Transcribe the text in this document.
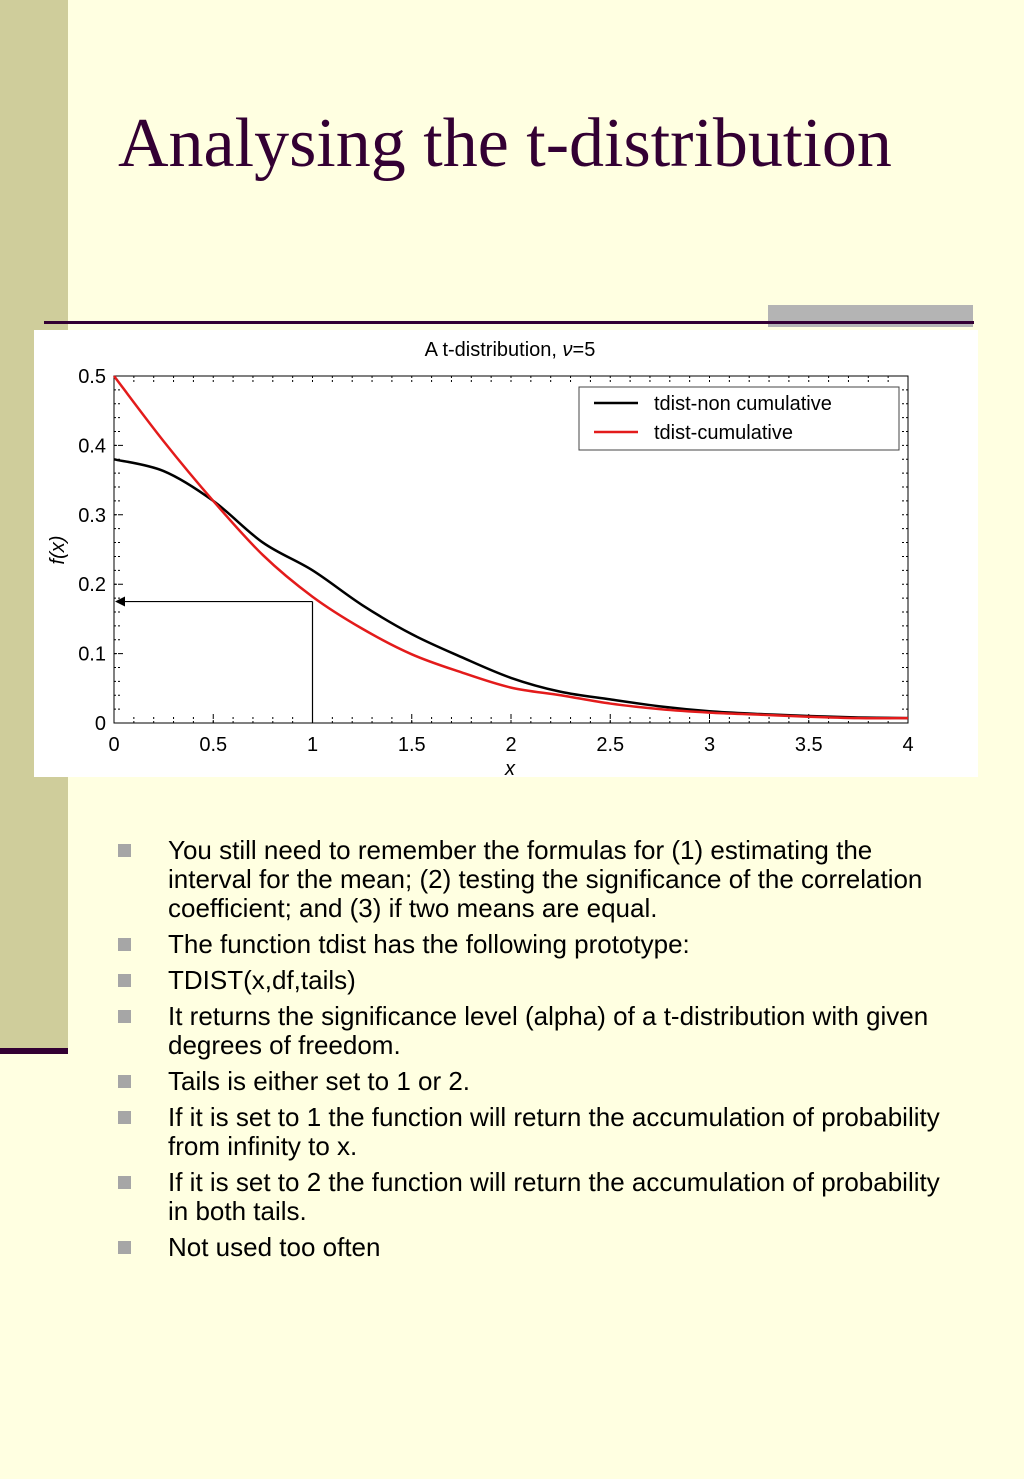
Analysing the t-distribution
A t-distribution, ν=5
f(x)
x
0	0.5	1	1.5	2	2.5	3	3.5	4
0
0.1
0.2
0.3
0.4
0.5
tdist-non cumulative
tdist-cumulative
You still need to remember the formulas for (1) estimating the interval for the mean; (2) testing the significance of the correlation coefficient; and (3) if two means are equal.
The function tdist has the following prototype:
TDIST(x,df,tails)
It returns the significance level (alpha) of a t-distribution with given degrees of freedom.
Tails is either set to 1 or 2.
If it is set to 1 the function will return the accumulation of probability from infinity to x.
If it is set to 2 the function will return the accumulation of probability in both tails.
Not used too often
